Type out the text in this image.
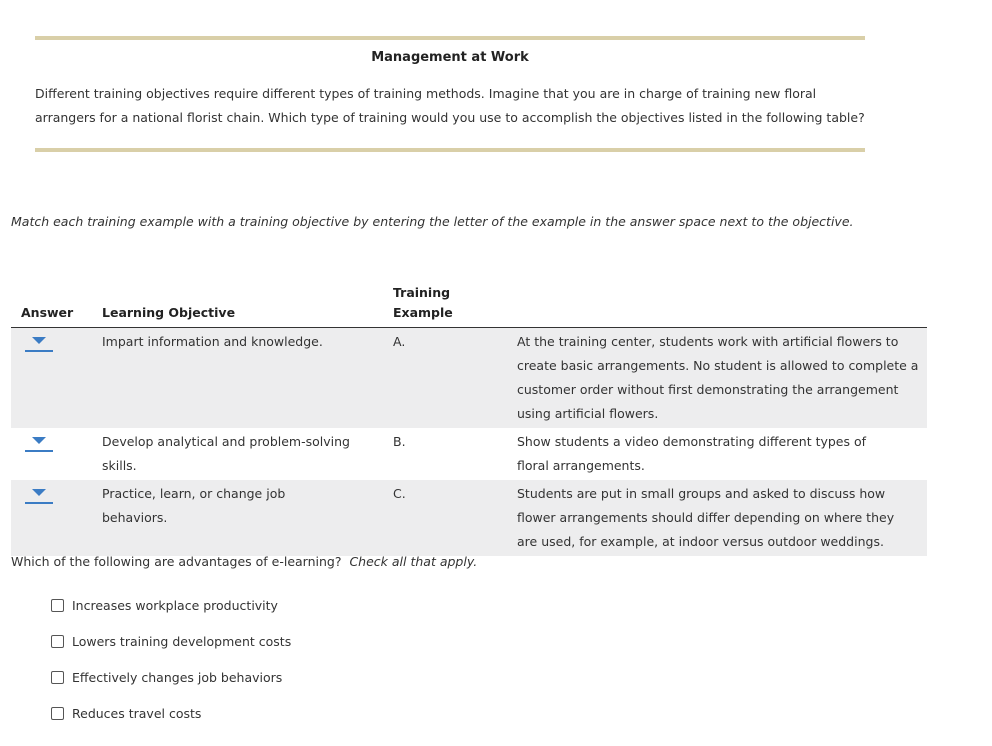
Management at Work
Different training objectives require different types of training methods. Imagine that you are in charge of training new floral arrangers for a national florist chain. Which type of training would you use to accomplish the objectives listed in the following table?
Match each training example with a training objective by entering the letter of the example in the answer space next to the objective.
Answer	Learning Objective	Training
Example	
	Impart information and knowledge.	A.	At the training center, students work with artificial flowers to create basic arrangements. No student is allowed to complete a customer order without first demonstrating the arrangement using artificial flowers.
	Develop analytical and problem-solving skills.	B.	Show students a video demonstrating different types of floral arrangements.
	Practice, learn, or change job behaviors.	C.	Students are put in small groups and asked to discuss how flower arrangements should differ depending on where they are used, for example, at indoor versus outdoor weddings.
Which of the following are advantages of e-learning? Check all that apply.
Increases workplace productivity
Lowers training development costs
Effectively changes job behaviors
Reduces travel costs
